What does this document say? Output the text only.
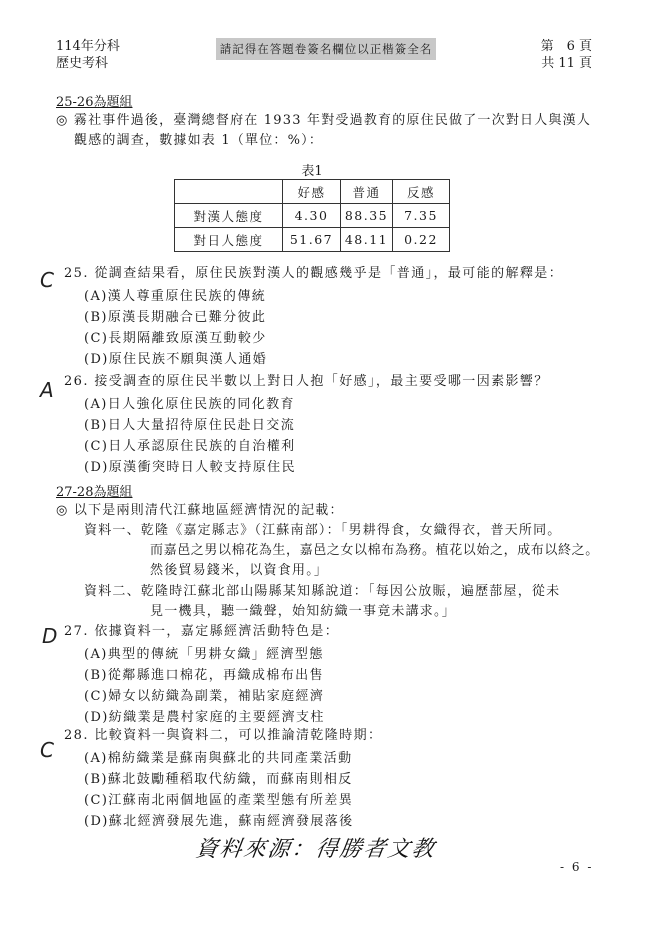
114年分科
歷史考科
請記得在答題卷簽名欄位以正楷簽全名	第　6 頁
共 11 頁
25-26為題組
◎ 霧社事件過後，臺灣總督府在 1933 年對受過教育的原住民做了一次對日人與漢人
觀感的調查，數據如表 1（單位：%）：
表1
	好感	普通	反感
對漢人態度	4.30	88.35	7.35
對日人態度	51.67	48.11	0.22
C 25. 從調查結果看，原住民族對漢人的觀感幾乎是「普通」，最可能的解釋是：
(A)漢人尊重原住民族的傳統
(B)原漢長期融合已難分彼此
(C)長期隔離致原漢互動較少
(D)原住民族不願與漢人通婚
A 26. 接受調查的原住民半數以上對日人抱「好感」，最主要受哪一因素影響？
(A)日人強化原住民族的同化教育
(B)日人大量招待原住民赴日交流
(C)日人承認原住民族的自治權利
(D)原漢衝突時日人較支持原住民
27-28為題組
◎ 以下是兩則清代江蘇地區經濟情況的記載：
資料一、乾隆《嘉定縣志》（江蘇南部）：「男耕得食，女織得衣，普天所同。
而嘉邑之男以棉花為生，嘉邑之女以棉布為務。植花以始之，成布以終之。
然後貿易錢米，以資食用。」
資料二、乾隆時江蘇北部山陽縣某知縣說道：「每因公放賑，遍歷蔀屋，從未
見一機具，聽一織聲，始知紡織一事竟未講求。」
D 27. 依據資料一，嘉定縣經濟活動特色是：
(A)典型的傳統「男耕女織」經濟型態
(B)從鄰縣進口棉花，再織成棉布出售
(C)婦女以紡織為副業，補貼家庭經濟
(D)紡織業是農村家庭的主要經濟支柱
C
28. 比較資料一與資料二，可以推論清乾隆時期：
(A)棉紡織業是蘇南與蘇北的共同產業活動
(B)蘇北鼓勵種稻取代紡織，而蘇南則相反
(C)江蘇南北兩個地區的產業型態有所差異
(D)蘇北經濟發展先進，蘇南經濟發展落後
資料來源：得勝者文教
- 6 -
